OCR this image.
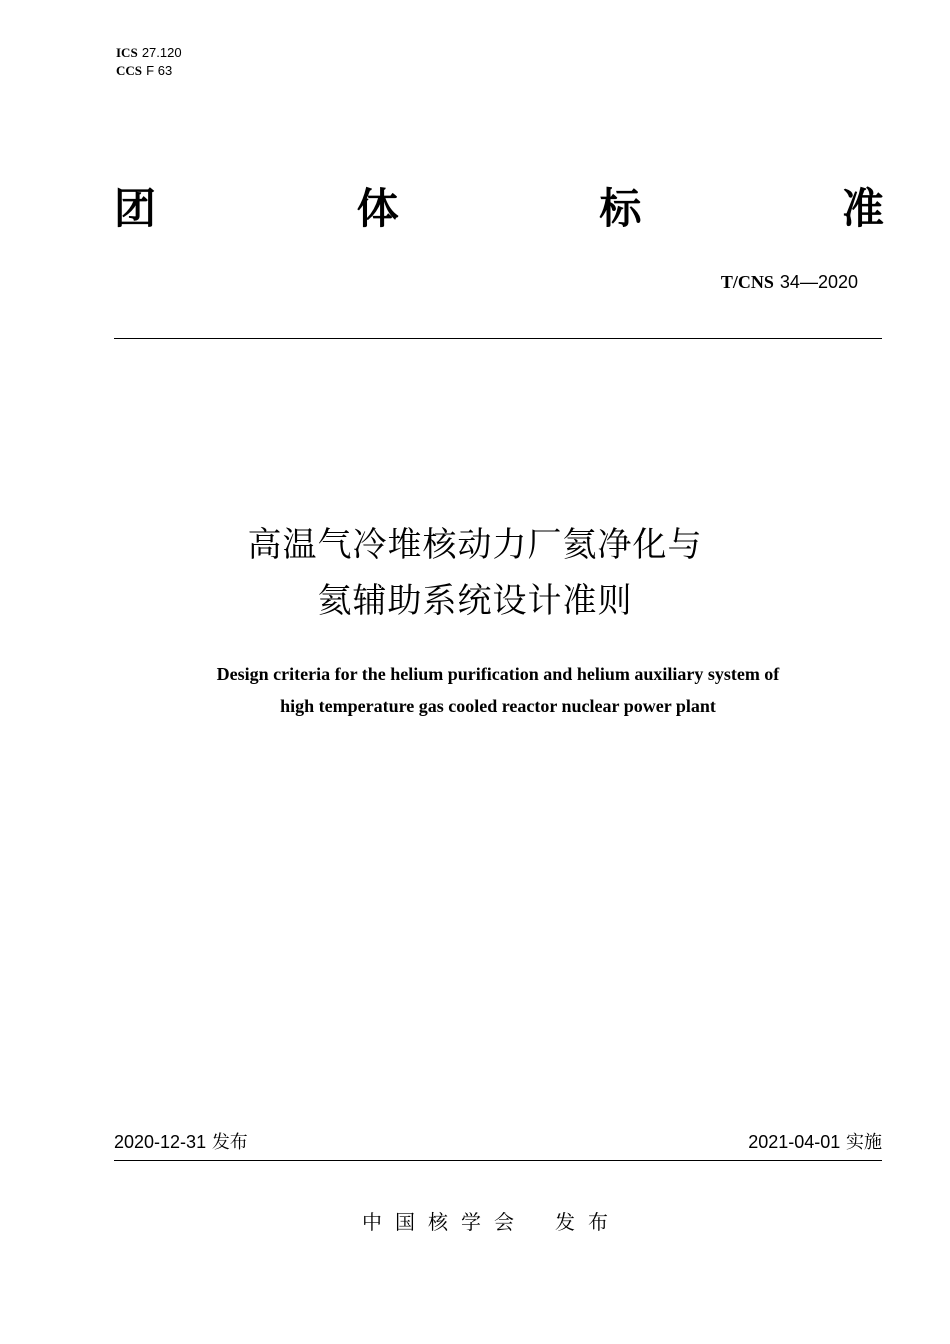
ICS 27.120
CCS F 63
团	体	标	准
T/CNS 34—2020
高温气冷堆核动力厂氦净化与
氦辅助系统设计准则
Design criteria for the helium purification and helium auxiliary system of
high temperature gas cooled reactor nuclear power plant
2020-12-31 发布	2021-04-01 实施
中国核学会 发布
